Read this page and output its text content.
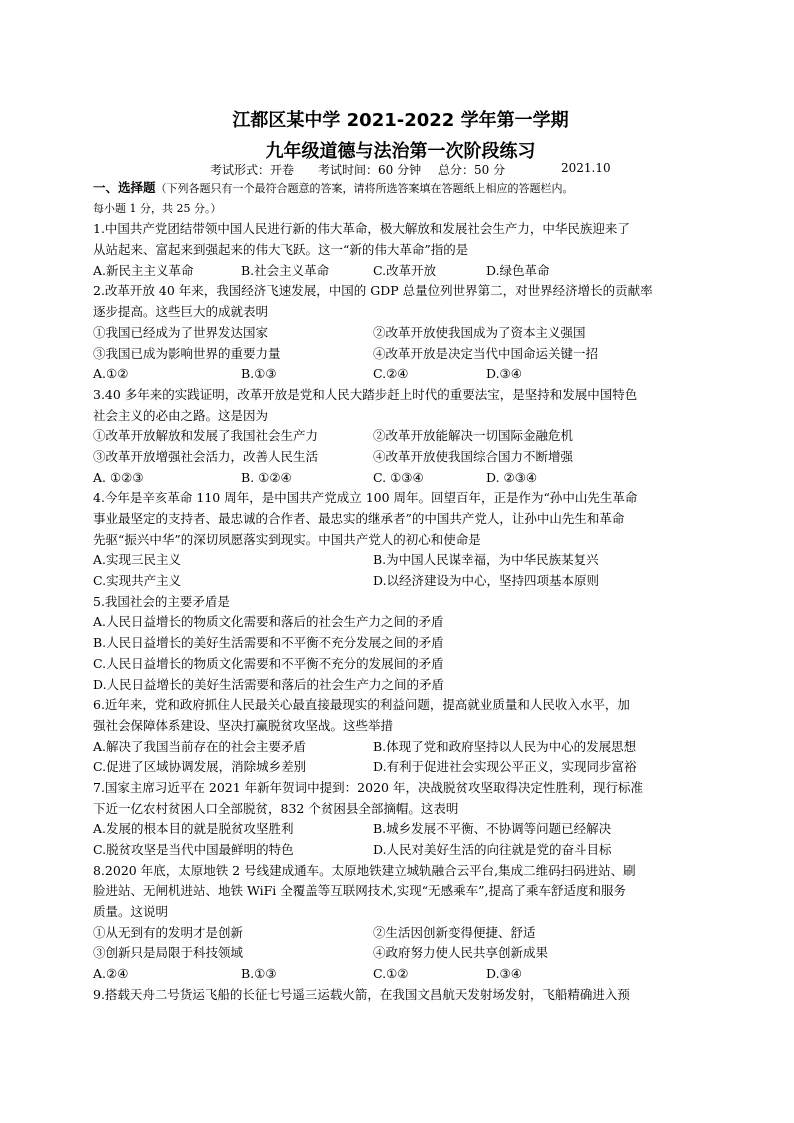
江都区某中学 2021-2022 学年第一学期
九年级道德与法治第一次阶段练习
考试形式：开卷 考试时间：60 分钟 总分：50 分	2021.10
一、选择题（下列各题只有一个最符合题意的答案，请将所选答案填在答题纸上相应的答题栏内。
每小题 1 分，共 25 分。）
1.中国共产党团结带领中国人民进行新的伟大革命，极大解放和发展社会生产力，中华民族迎来了
从站起来、富起来到强起来的伟大飞跃。这一“新的伟大革命”指的是
A.新民主主义革命	B.社会主义革命	C.改革开放	D.绿色革命
2.改革开放 40 年来，我国经济飞速发展，中国的 GDP 总量位列世界第二，对世界经济增长的贡献率
逐步提高。这些巨大的成就表明
①我国已经成为了世界发达国家	②改革开放使我国成为了资本主义强国
③我国已成为影响世界的重要力量	④改革开放是决定当代中国命运关键一招
A.①②	B.①③	C.②④	D.③④
3.40 多年来的实践证明，改革开放是党和人民大踏步赶上时代的重要法宝，是坚持和发展中国特色
社会主义的必由之路。这是因为
①改革开放解放和发展了我国社会生产力	②改革开放能解决一切国际金融危机
③改革开放增强社会活力，改善人民生活	④改革开放使我国综合国力不断增强
A. ①②③	B. ①②④	C. ①③④	D. ②③④
4.今年是辛亥革命 110 周年，是中国共产党成立 100 周年。回望百年，正是作为“孙中山先生革命
事业最坚定的支持者、最忠诚的合作者、最忠实的继承者”的中国共产党人，让孙中山先生和革命
先驱“振兴中华”的深切夙愿落实到现实。中国共产党人的初心和使命是
A.实现三民主义	B.为中国人民谋幸福，为中华民族某复兴
C.实现共产主义	D.以经济建设为中心，坚持四项基本原则
5.我国社会的主要矛盾是
A.人民日益增长的物质文化需要和落后的社会生产力之间的矛盾
B.人民日益增长的美好生活需要和不平衡不充分发展之间的矛盾
C.人民日益增长的物质文化需要和不平衡不充分的发展间的矛盾
D.人民日益增长的美好生活需要和落后的社会生产力之间的矛盾
6.近年来，党和政府抓住人民最关心最直接最现实的利益问题，提高就业质量和人民收入水平，加
强社会保障体系建设、坚决打赢脱贫攻坚战。这些举措
A.解决了我国当前存在的社会主要矛盾	B.体现了党和政府坚持以人民为中心的发展思想
C.促进了区域协调发展，消除城乡差别	D.有利于促进社会实现公平正义，实现同步富裕
7.国家主席习近平在 2021 年新年贺词中提到：2020 年，决战脱贫攻坚取得决定性胜利，现行标准
下近一亿农村贫困人口全部脱贫，832 个贫困县全部摘帽。这表明
A.发展的根本目的就是脱贫攻坚胜利	B.城乡发展不平衡、不协调等问题已经解决
C.脱贫攻坚是当代中国最鲜明的特色	D.人民对美好生活的向往就是党的奋斗目标
8.2020 年底，太原地铁 2 号线建成通车。太原地铁建立城轨融合云平台,集成二维码扫码进站、刷
脸进站、无闸机进站、地铁 WiFi 全覆盖等互联网技术,实现“无感乘车”,提高了乘车舒适度和服务
质量。这说明
①从无到有的发明才是创新	②生活因创新变得便捷、舒适
③创新只是局限于科技领域	④政府努力使人民共享创新成果
A.②④	B.①③	C.①②	D.③④
9.搭载天舟二号货运飞船的长征七号遥三运载火箭，在我国文昌航天发射场发射，飞船精确进入预
